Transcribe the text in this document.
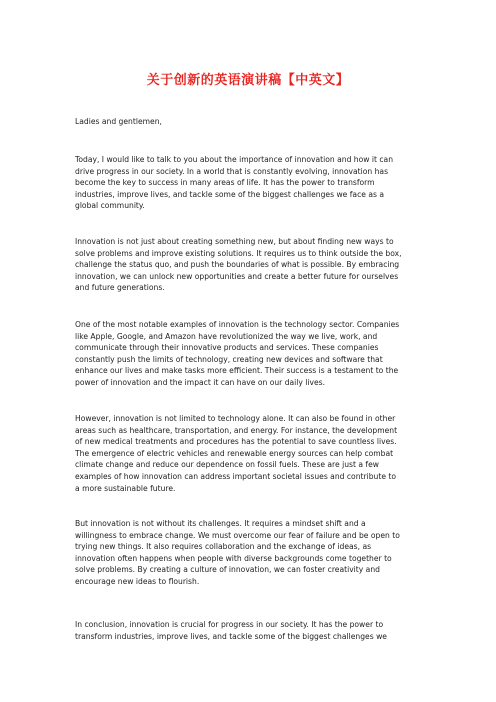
关于创新的英语演讲稿【中英文】
Ladies and gentlemen,
Today, I would like to talk to you about the importance of innovation and how it can
drive progress in our society. In a world that is constantly evolving, innovation has
become the key to success in many areas of life. It has the power to transform
industries, improve lives, and tackle some of the biggest challenges we face as a
global community.
Innovation is not just about creating something new, but about finding new ways to
solve problems and improve existing solutions. It requires us to think outside the box,
challenge the status quo, and push the boundaries of what is possible. By embracing
innovation, we can unlock new opportunities and create a better future for ourselves
and future generations.
One of the most notable examples of innovation is the technology sector. Companies
like Apple, Google, and Amazon have revolutionized the way we live, work, and
communicate through their innovative products and services. These companies
constantly push the limits of technology, creating new devices and software that
enhance our lives and make tasks more efficient. Their success is a testament to the
power of innovation and the impact it can have on our daily lives.
However, innovation is not limited to technology alone. It can also be found in other
areas such as healthcare, transportation, and energy. For instance, the development
of new medical treatments and procedures has the potential to save countless lives.
The emergence of electric vehicles and renewable energy sources can help combat
climate change and reduce our dependence on fossil fuels. These are just a few
examples of how innovation can address important societal issues and contribute to
a more sustainable future.
But innovation is not without its challenges. It requires a mindset shift and a
willingness to embrace change. We must overcome our fear of failure and be open to
trying new things. It also requires collaboration and the exchange of ideas, as
innovation often happens when people with diverse backgrounds come together to
solve problems. By creating a culture of innovation, we can foster creativity and
encourage new ideas to flourish.
In conclusion, innovation is crucial for progress in our society. It has the power to
transform industries, improve lives, and tackle some of the biggest challenges we
